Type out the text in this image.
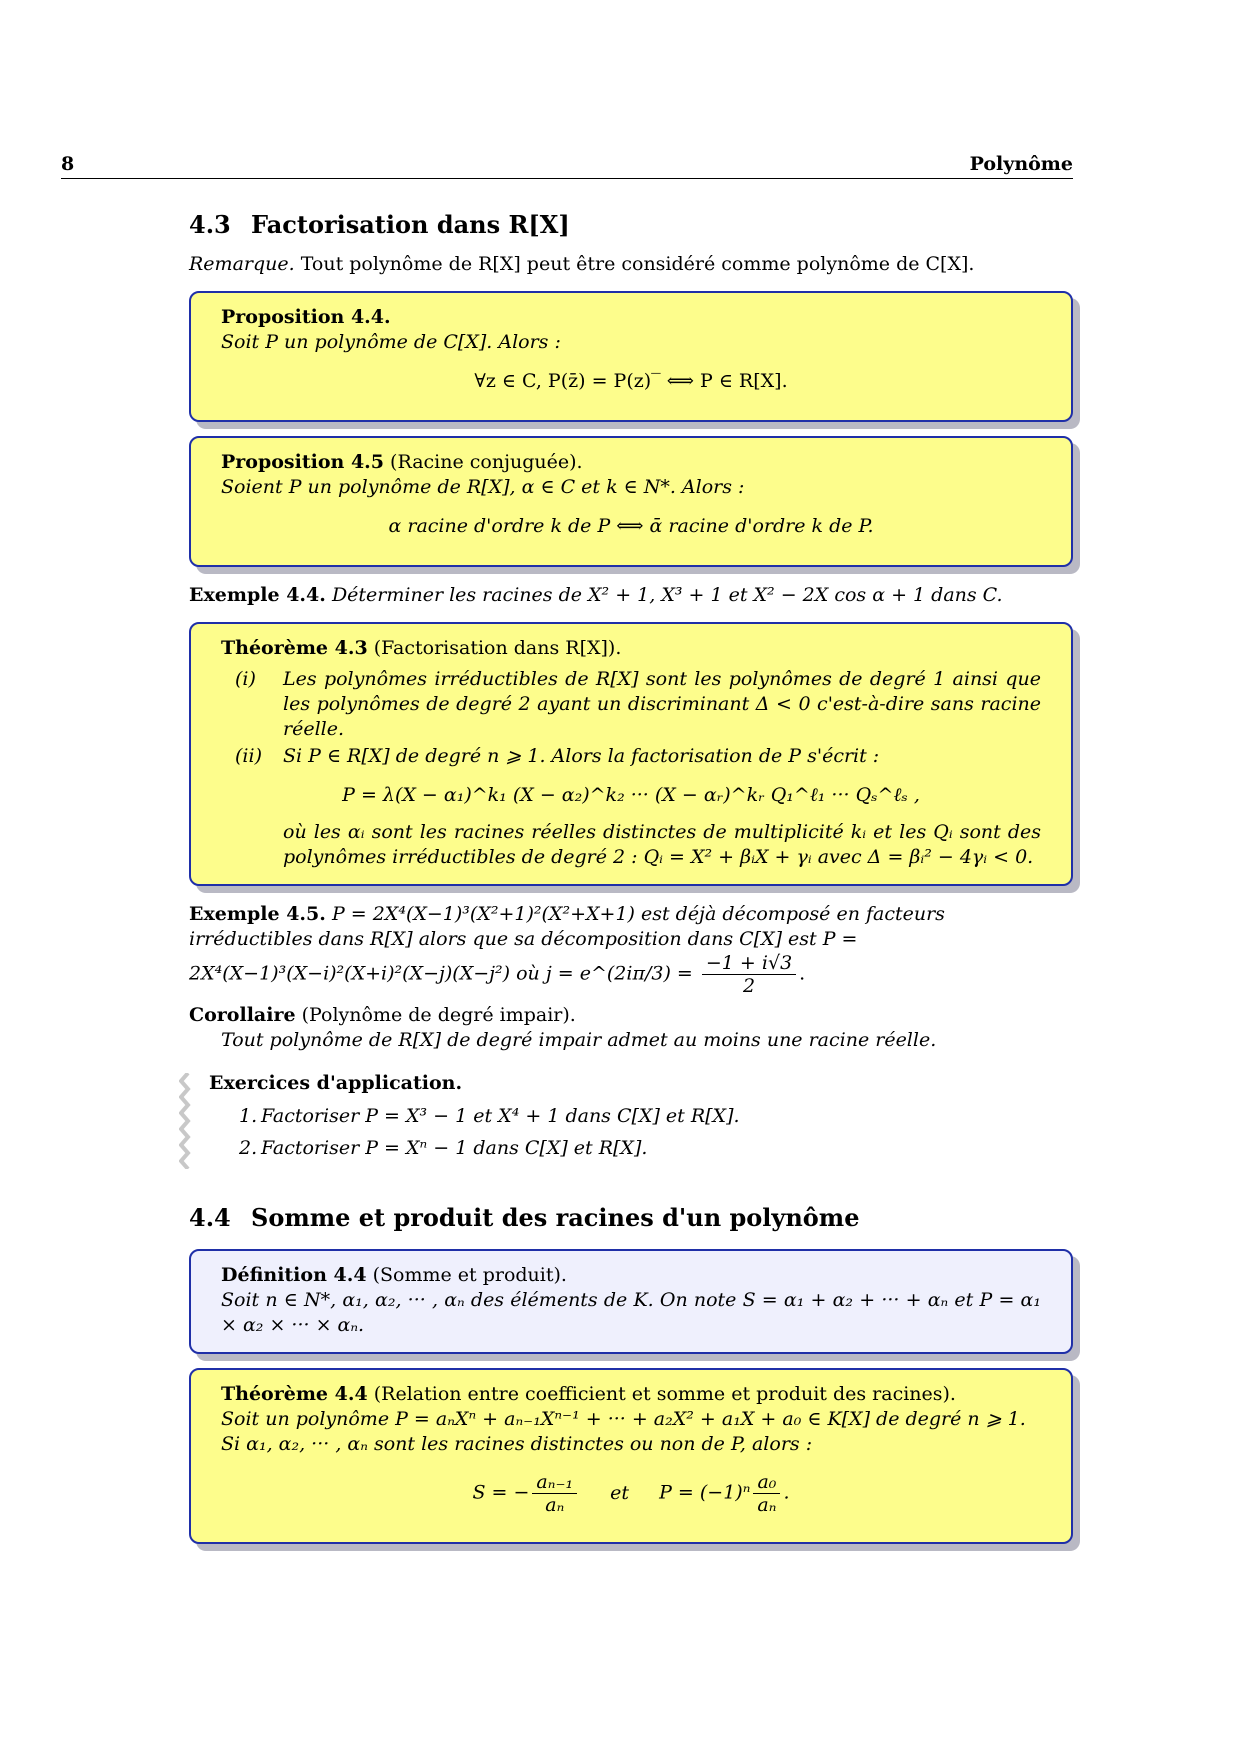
8	Polynôme
4.3 Factorisation dans R[X]
Remarque. Tout polynôme de R[X] peut être considéré comme polynôme de C[X].
Proposition 4.4.
Soit P un polynôme de C[X]. Alors :
∀z ∈ C, P(z̄) = P(z)‾ ⟺ P ∈ R[X].
Proposition 4.5 (Racine conjuguée).
Soient P un polynôme de R[X], α ∈ C et k ∈ N*. Alors :
α racine d'ordre k de P ⟺ ᾱ racine d'ordre k de P.
Exemple 4.4. Déterminer les racines de X² + 1, X³ + 1 et X² − 2X cos α + 1 dans C.
Théorème 4.3 (Factorisation dans R[X]).
(i) Les polynômes irréductibles de R[X] sont les polynômes de degré 1 ainsi que les polynômes de degré 2 ayant un discriminant Δ < 0 c'est-à-dire sans racine réelle.
(ii) Si P ∈ R[X] de degré n ⩾ 1. Alors la factorisation de P s'écrit :
P = λ(X − α₁)^k₁ (X − α₂)^k₂ ··· (X − αᵣ)^kᵣ Q₁^ℓ₁ ··· Qₛ^ℓₛ ,
où les αᵢ sont les racines réelles distinctes de multiplicité kᵢ et les Qᵢ sont des polynômes irréductibles de degré 2 : Qᵢ = X² + βᵢX + γᵢ avec Δ = βᵢ² − 4γᵢ < 0.
Exemple 4.5. P = 2X⁴(X−1)³(X²+1)²(X²+X+1) est déjà décomposé en facteurs irréductibles dans R[X] alors que sa décomposition dans C[X] est P = 2X⁴(X−1)³(X−i)²(X+i)²(X−j)(X−j²) où j = e^(2iπ/3) = $\frac{-1 + i√3}{2}$ .
Corollaire (Polynôme de degré impair).
Tout polynôme de R[X] de degré impair admet au moins une racine réelle.
Exercices d'application.
1. Factoriser P = X³ − 1 et X⁴ + 1 dans C[X] et R[X].
2. Factoriser P = Xⁿ − 1 dans C[X] et R[X].
4.4 Somme et produit des racines d'un polynôme
Définition 4.4 (Somme et produit).
Soit n ∈ N*, α₁, α₂, ··· , αₙ des éléments de K. On note S = α₁ + α₂ + ··· + αₙ et P = α₁ × α₂ × ··· × αₙ.
Théorème 4.4 (Relation entre coefficient et somme et produit des racines).
Soit un polynôme P = aₙXⁿ + aₙ₋₁Xⁿ⁻¹ + ··· + a₂X² + a₁X + a₀ ∈ K[X] de degré n ⩾ 1.
Si α₁, α₂, ··· , αₙ sont les racines distinctes ou non de P, alors :
S = − $\frac{\text{aₙ₋₁}}{\text{aₙ}}$ et $P = (-1)^n \frac{\text{a₀}}{\text{aₙ}}$ .
